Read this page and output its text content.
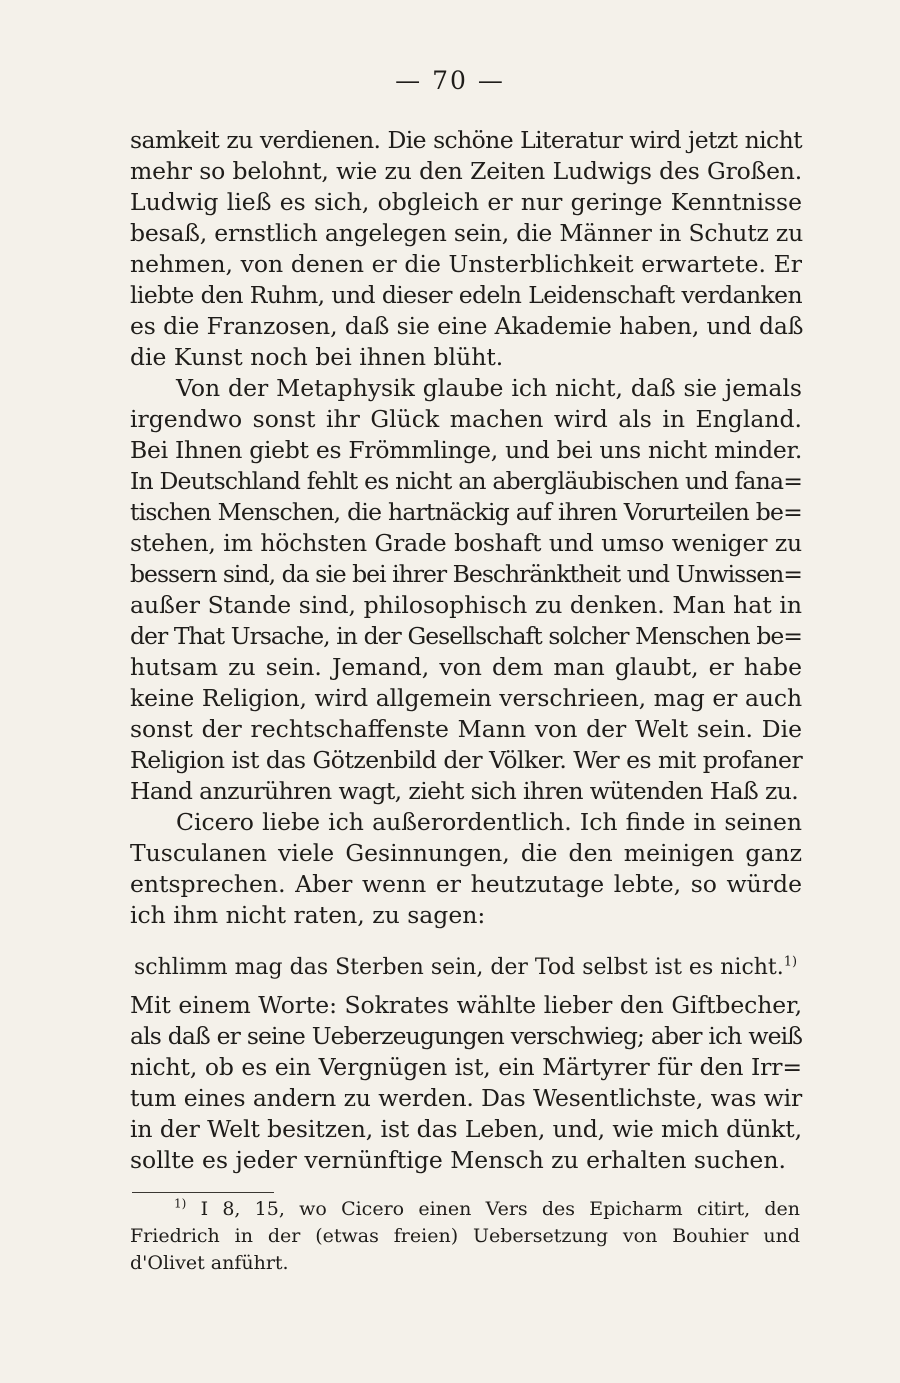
— 70 —
samkeit zu verdienen. Die schöne Literatur wird jetzt nicht
mehr so belohnt, wie zu den Zeiten Ludwigs des Großen.
Ludwig ließ es sich, obgleich er nur geringe Kenntnisse
besaß, ernstlich angelegen sein, die Männer in Schutz zu
nehmen, von denen er die Unsterblichkeit erwartete. Er
liebte den Ruhm, und dieser edeln Leidenschaft verdanken
es die Franzosen, daß sie eine Akademie haben, und daß
die Kunst noch bei ihnen blüht.
Von der Metaphysik glaube ich nicht, daß sie jemals
irgendwo sonst ihr Glück machen wird als in England.
Bei Ihnen giebt es Frömmlinge, und bei uns nicht minder.
In Deutschland fehlt es nicht an abergläubischen und fana=
tischen Menschen, die hartnäckig auf ihren Vorurteilen be=
stehen, im höchsten Grade boshaft und umso weniger zu
bessern sind, da sie bei ihrer Beschränktheit und Unwissen=
außer Stande sind, philosophisch zu denken. Man hat in
der That Ursache, in der Gesellschaft solcher Menschen be=
hutsam zu sein. Jemand, von dem man glaubt, er habe
keine Religion, wird allgemein verschrieen, mag er auch
sonst der rechtschaffenste Mann von der Welt sein. Die
Religion ist das Götzenbild der Völker. Wer es mit profaner
Hand anzurühren wagt, zieht sich ihren wütenden Haß zu.
Cicero liebe ich außerordentlich. Ich finde in seinen
Tusculanen viele Gesinnungen, die den meinigen ganz
entsprechen. Aber wenn er heutzutage lebte, so würde
ich ihm nicht raten, zu sagen:
schlimm mag das Sterben sein, der Tod selbst ist es nicht.$^{1)}$
Mit einem Worte: Sokrates wählte lieber den Giftbecher,
als daß er seine Ueberzeugungen verschwieg; aber ich weiß
nicht, ob es ein Vergnügen ist, ein Märtyrer für den Irr=
tum eines andern zu werden. Das Wesentlichste, was wir
in der Welt besitzen, ist das Leben, und, wie mich dünkt,
sollte es jeder vernünftige Mensch zu erhalten suchen.
$^{1)}$ I 8, 15, wo Cicero einen Vers des Epicharm citirt, den
Friedrich in der (etwas freien) Uebersetzung von Bouhier und
d'Olivet anführt.
